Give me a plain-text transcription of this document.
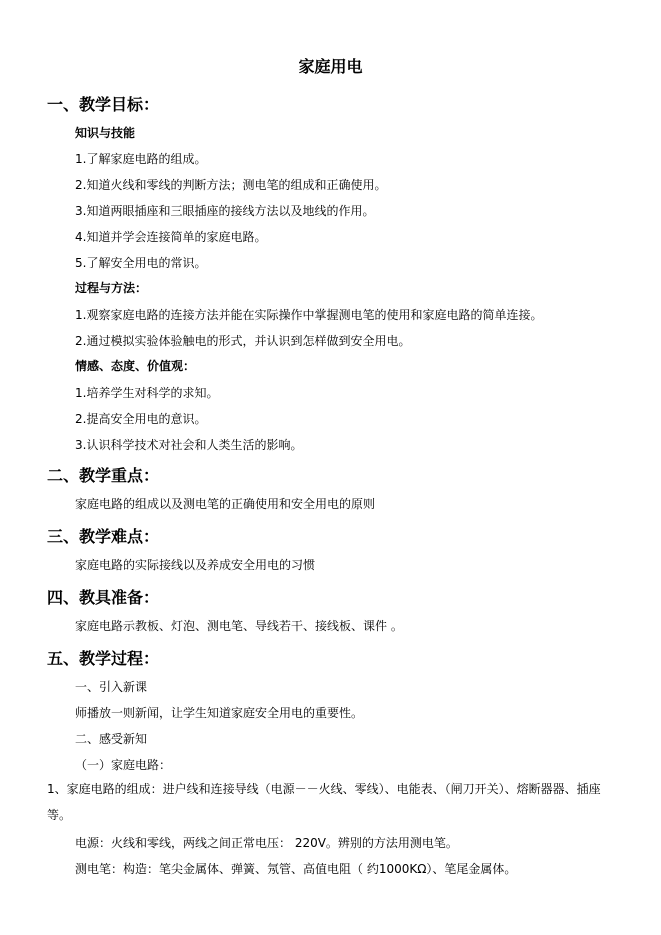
家庭用电
一、教学目标：
知识与技能
1.了解家庭电路的组成。
2.知道火线和零线的判断方法；测电笔的组成和正确使用。
3.知道两眼插座和三眼插座的接线方法以及地线的作用。
4.知道并学会连接简单的家庭电路。
5.了解安全用电的常识。
过程与方法：
1.观察家庭电路的连接方法并能在实际操作中掌握测电笔的使用和家庭电路的简单连接。
2.通过模拟实验体验触电的形式，并认识到怎样做到安全用电。
情感、态度、价值观：
1.培养学生对科学的求知。
2.提高安全用电的意识。
3.认识科学技术对社会和人类生活的影响。
二、教学重点：
家庭电路的组成以及测电笔的正确使用和安全用电的原则
三、教学难点：
家庭电路的实际接线以及养成安全用电的习惯
四、教具准备：
家庭电路示教板、灯泡、测电笔、导线若干、接线板、课件 。
五、教学过程：
一、引入新课
师播放一则新闻，让学生知道家庭安全用电的重要性。
二、感受新知
（一）家庭电路：
1、家庭电路的组成：进户线和连接导线（电源－－火线、零线）、电能表、（闸刀开关）、熔断器器、插座等。
电源：火线和零线，两线之间正常电压： 220V。辨别的方法用测电笔。
测电笔：构造：笔尖金属体、弹簧、氖管、高值电阻（ 约1000KΩ）、笔尾金属体。
